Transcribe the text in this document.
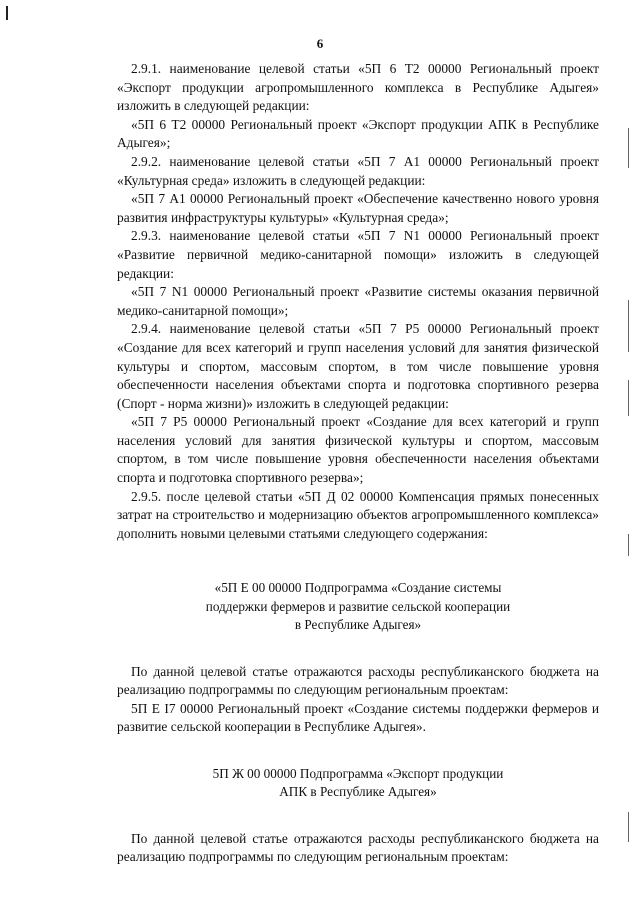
6

2.9.1. наименование целевой статьи «5П 6 Т2 00000 Региональный проект «Экспорт продукции агропромышленного комплекса в Республике Адыгея» изложить в следующей редакции:

«5П 6 Т2 00000 Региональный проект «Экспорт продукции АПК в Республике Адыгея»;

2.9.2. наименование целевой статьи «5П 7 А1 00000 Региональный проект «Культурная среда» изложить в следующей редакции:

«5П 7 А1 00000 Региональный проект «Обеспечение качественно нового уровня развития инфраструктуры культуры» «Культурная среда»;

2.9.3. наименование целевой статьи «5П 7 N1 00000 Региональный проект «Развитие первичной медико-санитарной помощи» изложить в следующей редакции:

«5П 7 N1 00000 Региональный проект «Развитие системы оказания первичной медико-санитарной помощи»;

2.9.4. наименование целевой статьи «5П 7 Р5 00000 Региональный проект «Создание для всех категорий и групп населения условий для занятия физической культуры и спортом, массовым спортом, в том числе повышение уровня обеспеченности населения объектами спорта и подготовка спортивного резерва (Спорт - норма жизни)» изложить в следующей редакции:

«5П 7 Р5 00000 Региональный проект «Создание для всех категорий и групп населения условий для занятия физической культуры и спортом, массовым спортом, в том числе повышение уровня обеспеченности населения объектами спорта и подготовка спортивного резерва»;

2.9.5. после целевой статьи «5П Д 02 00000 Компенсация прямых понесенных затрат на строительство и модернизацию объектов агропромышленного комплекса» дополнить новыми целевыми статьями следующего содержания:

«5П Е 00 00000 Подпрограмма «Создание системы

поддержки фермеров и развитие сельской кооперации

в Республике Адыгея»

По данной целевой статье отражаются расходы республиканского бюджета на реализацию подпрограммы по следующим региональным проектам:

5П Е I7 00000 Региональный проект «Создание системы поддержки фермеров и развитие сельской кооперации в Республике Адыгея».

5П Ж 00 00000 Подпрограмма «Экспорт продукции

АПК в Республике Адыгея»

По данной целевой статье отражаются расходы республиканского бюджета на реализацию подпрограммы по следующим региональным проектам:
